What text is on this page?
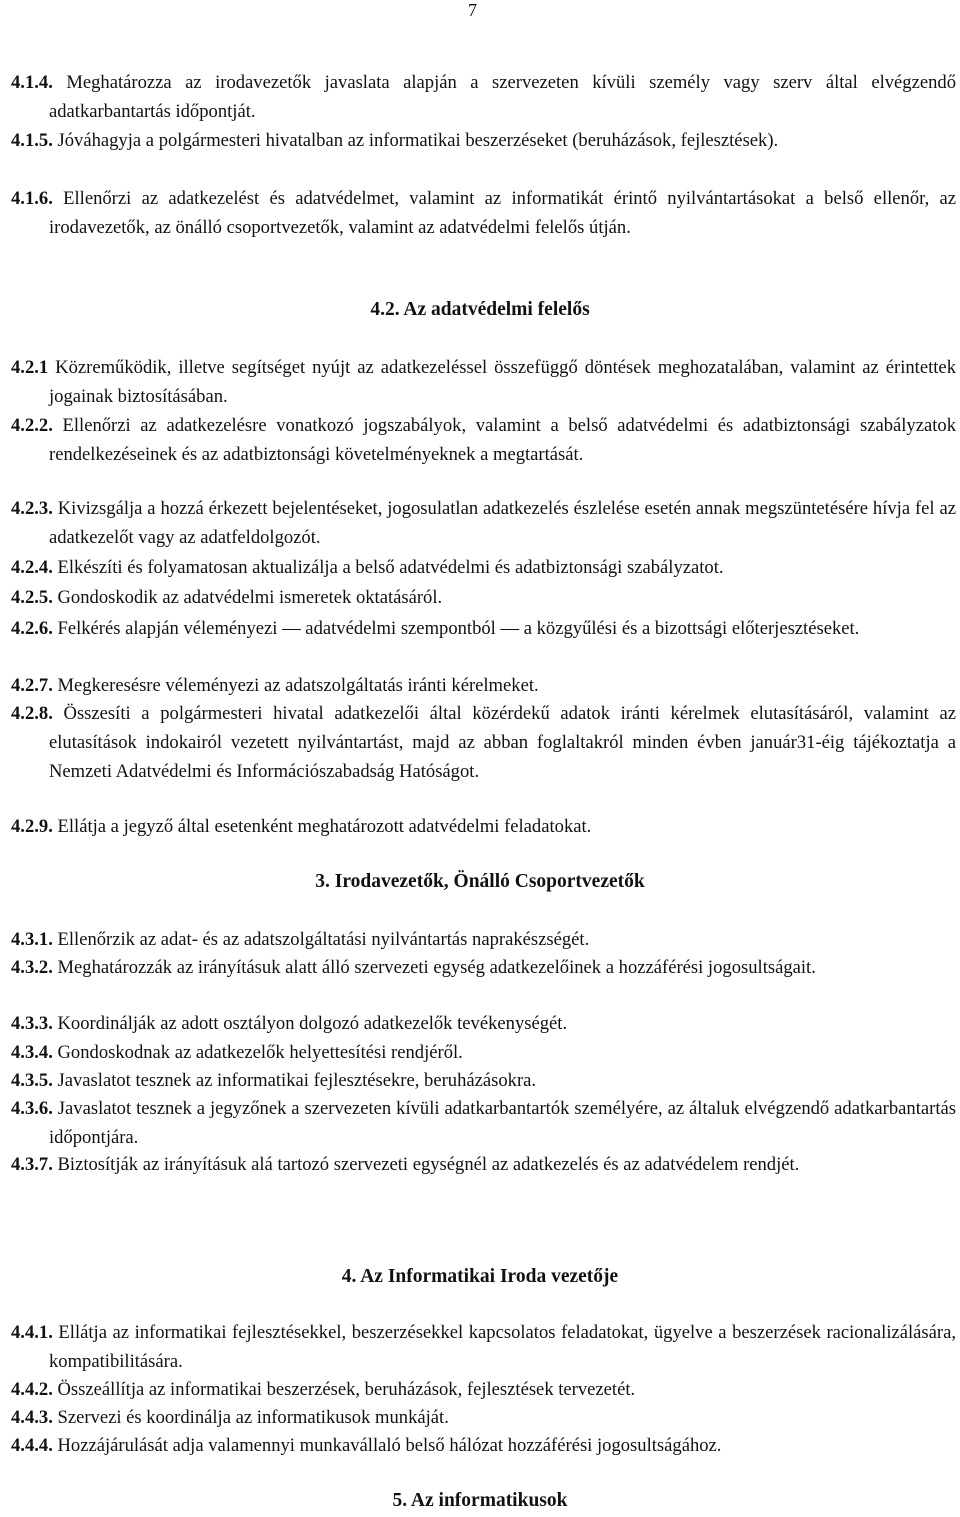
7

4.1.4. Meghatározza az irodavezetők javaslata alapján a szervezeten kívüli személy vagy szerv által elvégzendő adatkarbantartás időpontját.

4.1.5. Jóváhagyja a polgármesteri hivatalban az informatikai beszerzéseket (beruházások, fejlesztések).

4.1.6. Ellenőrzi az adatkezelést és adatvédelmet, valamint az informatikát érintő nyilvántartásokat a belső ellenőr, az irodavezetők, az önálló csoportvezetők, valamint az adatvédelmi felelős útján.

4.2. Az adatvédelmi felelős

4.2.1 Közreműködik, illetve segítséget nyújt az adatkezeléssel összefüggő döntések meghozatalában, valamint az érintettek jogainak biztosításában.

4.2.2. Ellenőrzi az adatkezelésre vonatkozó jogszabályok, valamint a belső adatvédelmi és adatbiztonsági szabályzatok rendelkezéseinek és az adatbiztonsági követelményeknek a megtartását.

4.2.3. Kivizsgálja a hozzá érkezett bejelentéseket, jogosulatlan adatkezelés észlelése esetén annak megszüntetésére hívja fel az adatkezelőt vagy az adatfeldolgozót.

4.2.4. Elkészíti és folyamatosan aktualizálja a belső adatvédelmi és adatbiztonsági szabályzatot.

4.2.5. Gondoskodik az adatvédelmi ismeretek oktatásáról.

4.2.6. Felkérés alapján véleményezi — adatvédelmi szempontból — a közgyűlési és a bizottsági előterjesztéseket.

4.2.7. Megkeresésre véleményezi az adatszolgáltatás iránti kérelmeket.

4.2.8. Összesíti a polgármesteri hivatal adatkezelői által közérdekű adatok iránti kérelmek elutasításáról, valamint az elutasítások indokairól vezetett nyilvántartást, majd az abban foglaltakról minden évben január31-éig tájékoztatja a Nemzeti Adatvédelmi és Információszabadság Hatóságot.

4.2.9. Ellátja a jegyző által esetenként meghatározott adatvédelmi feladatokat.

3. Irodavezetők, Önálló Csoportvezetők

4.3.1. Ellenőrzik az adat- és az adatszolgáltatási nyilvántartás naprakészségét.

4.3.2. Meghatározzák az irányításuk alatt álló szervezeti egység adatkezelőinek a hozzáférési jogosultságait.

4.3.3. Koordinálják az adott osztályon dolgozó adatkezelők tevékenységét.

4.3.4. Gondoskodnak az adatkezelők helyettesítési rendjéről.

4.3.5. Javaslatot tesznek az informatikai fejlesztésekre, beruházásokra.

4.3.6. Javaslatot tesznek a jegyzőnek a szervezeten kívüli adatkarbantartók személyére, az általuk elvégzendő adatkarbantartás időpontjára.

4.3.7. Biztosítják az irányításuk alá tartozó szervezeti egységnél az adatkezelés és az adatvédelem rendjét.

4. Az Informatikai Iroda vezetője

4.4.1. Ellátja az informatikai fejlesztésekkel, beszerzésekkel kapcsolatos feladatokat, ügyelve a beszerzések racionalizálására, kompatibilitására.

4.4.2. Összeállítja az informatikai beszerzések, beruházások, fejlesztések tervezetét.

4.4.3. Szervezi és koordinálja az informatikusok munkáját.

4.4.4. Hozzájárulását adja valamennyi munkavállaló belső hálózat hozzáférési jogosultságához.

5. Az informatikusok
